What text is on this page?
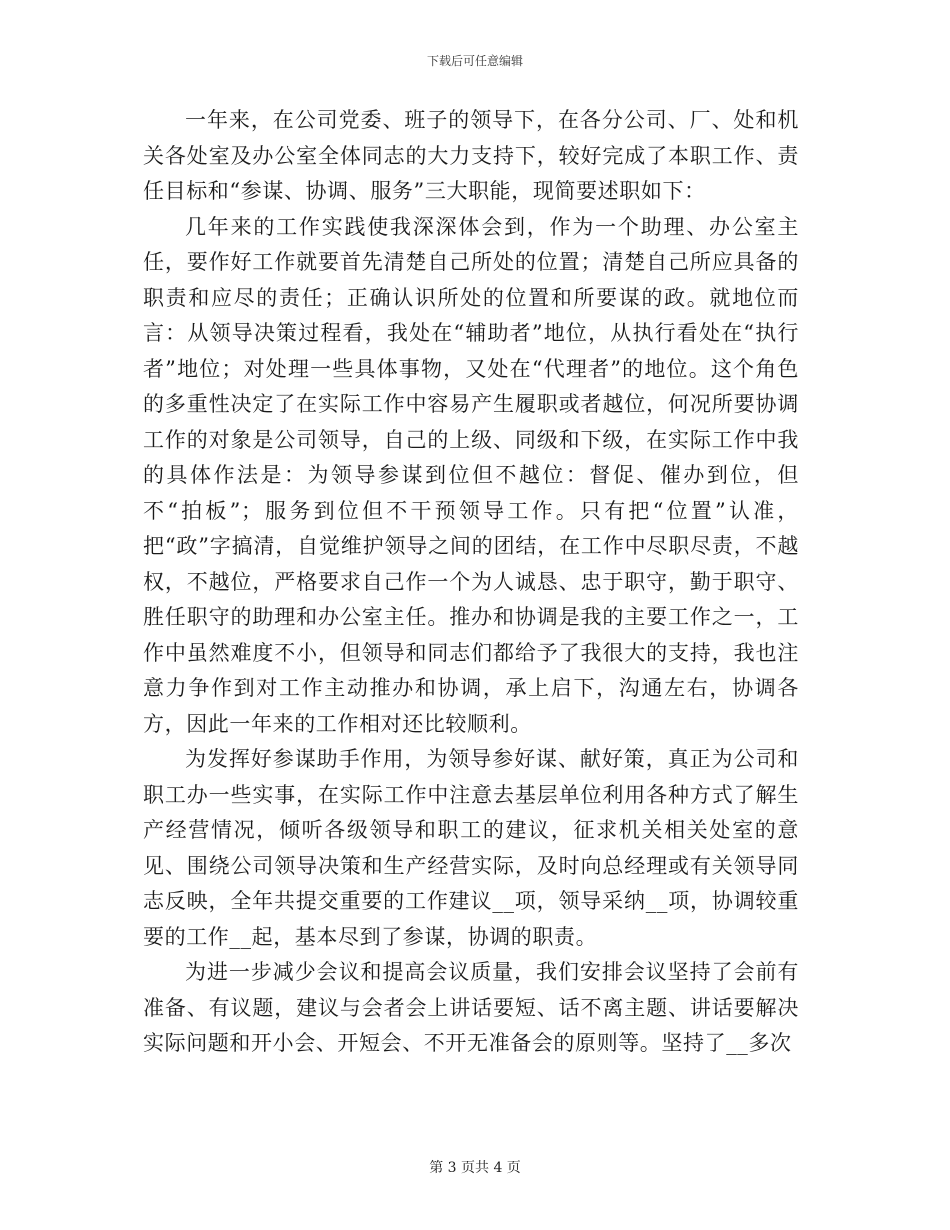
下载后可任意编辑

一年来，在公司党委、班子的领导下，在各分公司、厂、处和机关各处室及办公室全体同志的大力支持下，较好完成了本职工作、责任目标和“参谋、协调、服务”三大职能，现简要述职如下：

几年来的工作实践使我深深体会到，作为一个助理、办公室主任，要作好工作就要首先清楚自己所处的位置；清楚自己所应具备的职责和应尽的责任；正确认识所处的位置和所要谋的政。就地位而言：从领导决策过程看，我处在“辅助者”地位，从执行看处在“执行者”地位；对处理一些具体事物，又处在“代理者”的地位。这个角色的多重性决定了在实际工作中容易产生履职或者越位，何况所要协调工作的对象是公司领导，自己的上级、同级和下级，在实际工作中我的具体作法是：为领导参谋到位但不越位：督促、催办到位，但不“拍板”；服务到位但不干预领导工作。只有把“位置”认准，把“政”字搞清，自觉维护领导之间的团结，在工作中尽职尽责，不越权，不越位，严格要求自己作一个为人诚恳、忠于职守，勤于职守、胜任职守的助理和办公室主任。推办和协调是我的主要工作之一，工作中虽然难度不小，但领导和同志们都给予了我很大的支持，我也注意力争作到对工作主动推办和协调，承上启下，沟通左右，协调各方，因此一年来的工作相对还比较顺利。

为发挥好参谋助手作用，为领导参好谋、献好策，真正为公司和职工办一些实事，在实际工作中注意去基层单位利用各种方式了解生产经营情况，倾听各级领导和职工的建议，征求机关相关处室的意见、围绕公司领导决策和生产经营实际，及时向总经理或有关领导同志反映，全年共提交重要的工作建议__项，领导采纳__项，协调较重要的工作__起，基本尽到了参谋，协调的职责。

为进一步减少会议和提高会议质量，我们安排会议坚持了会前有准备、有议题，建议与会者会上讲话要短、话不离主题、讲话要解决实际问题和开小会、开短会、不开无准备会的原则等。坚持了__多次

第 3 页共 4 页
